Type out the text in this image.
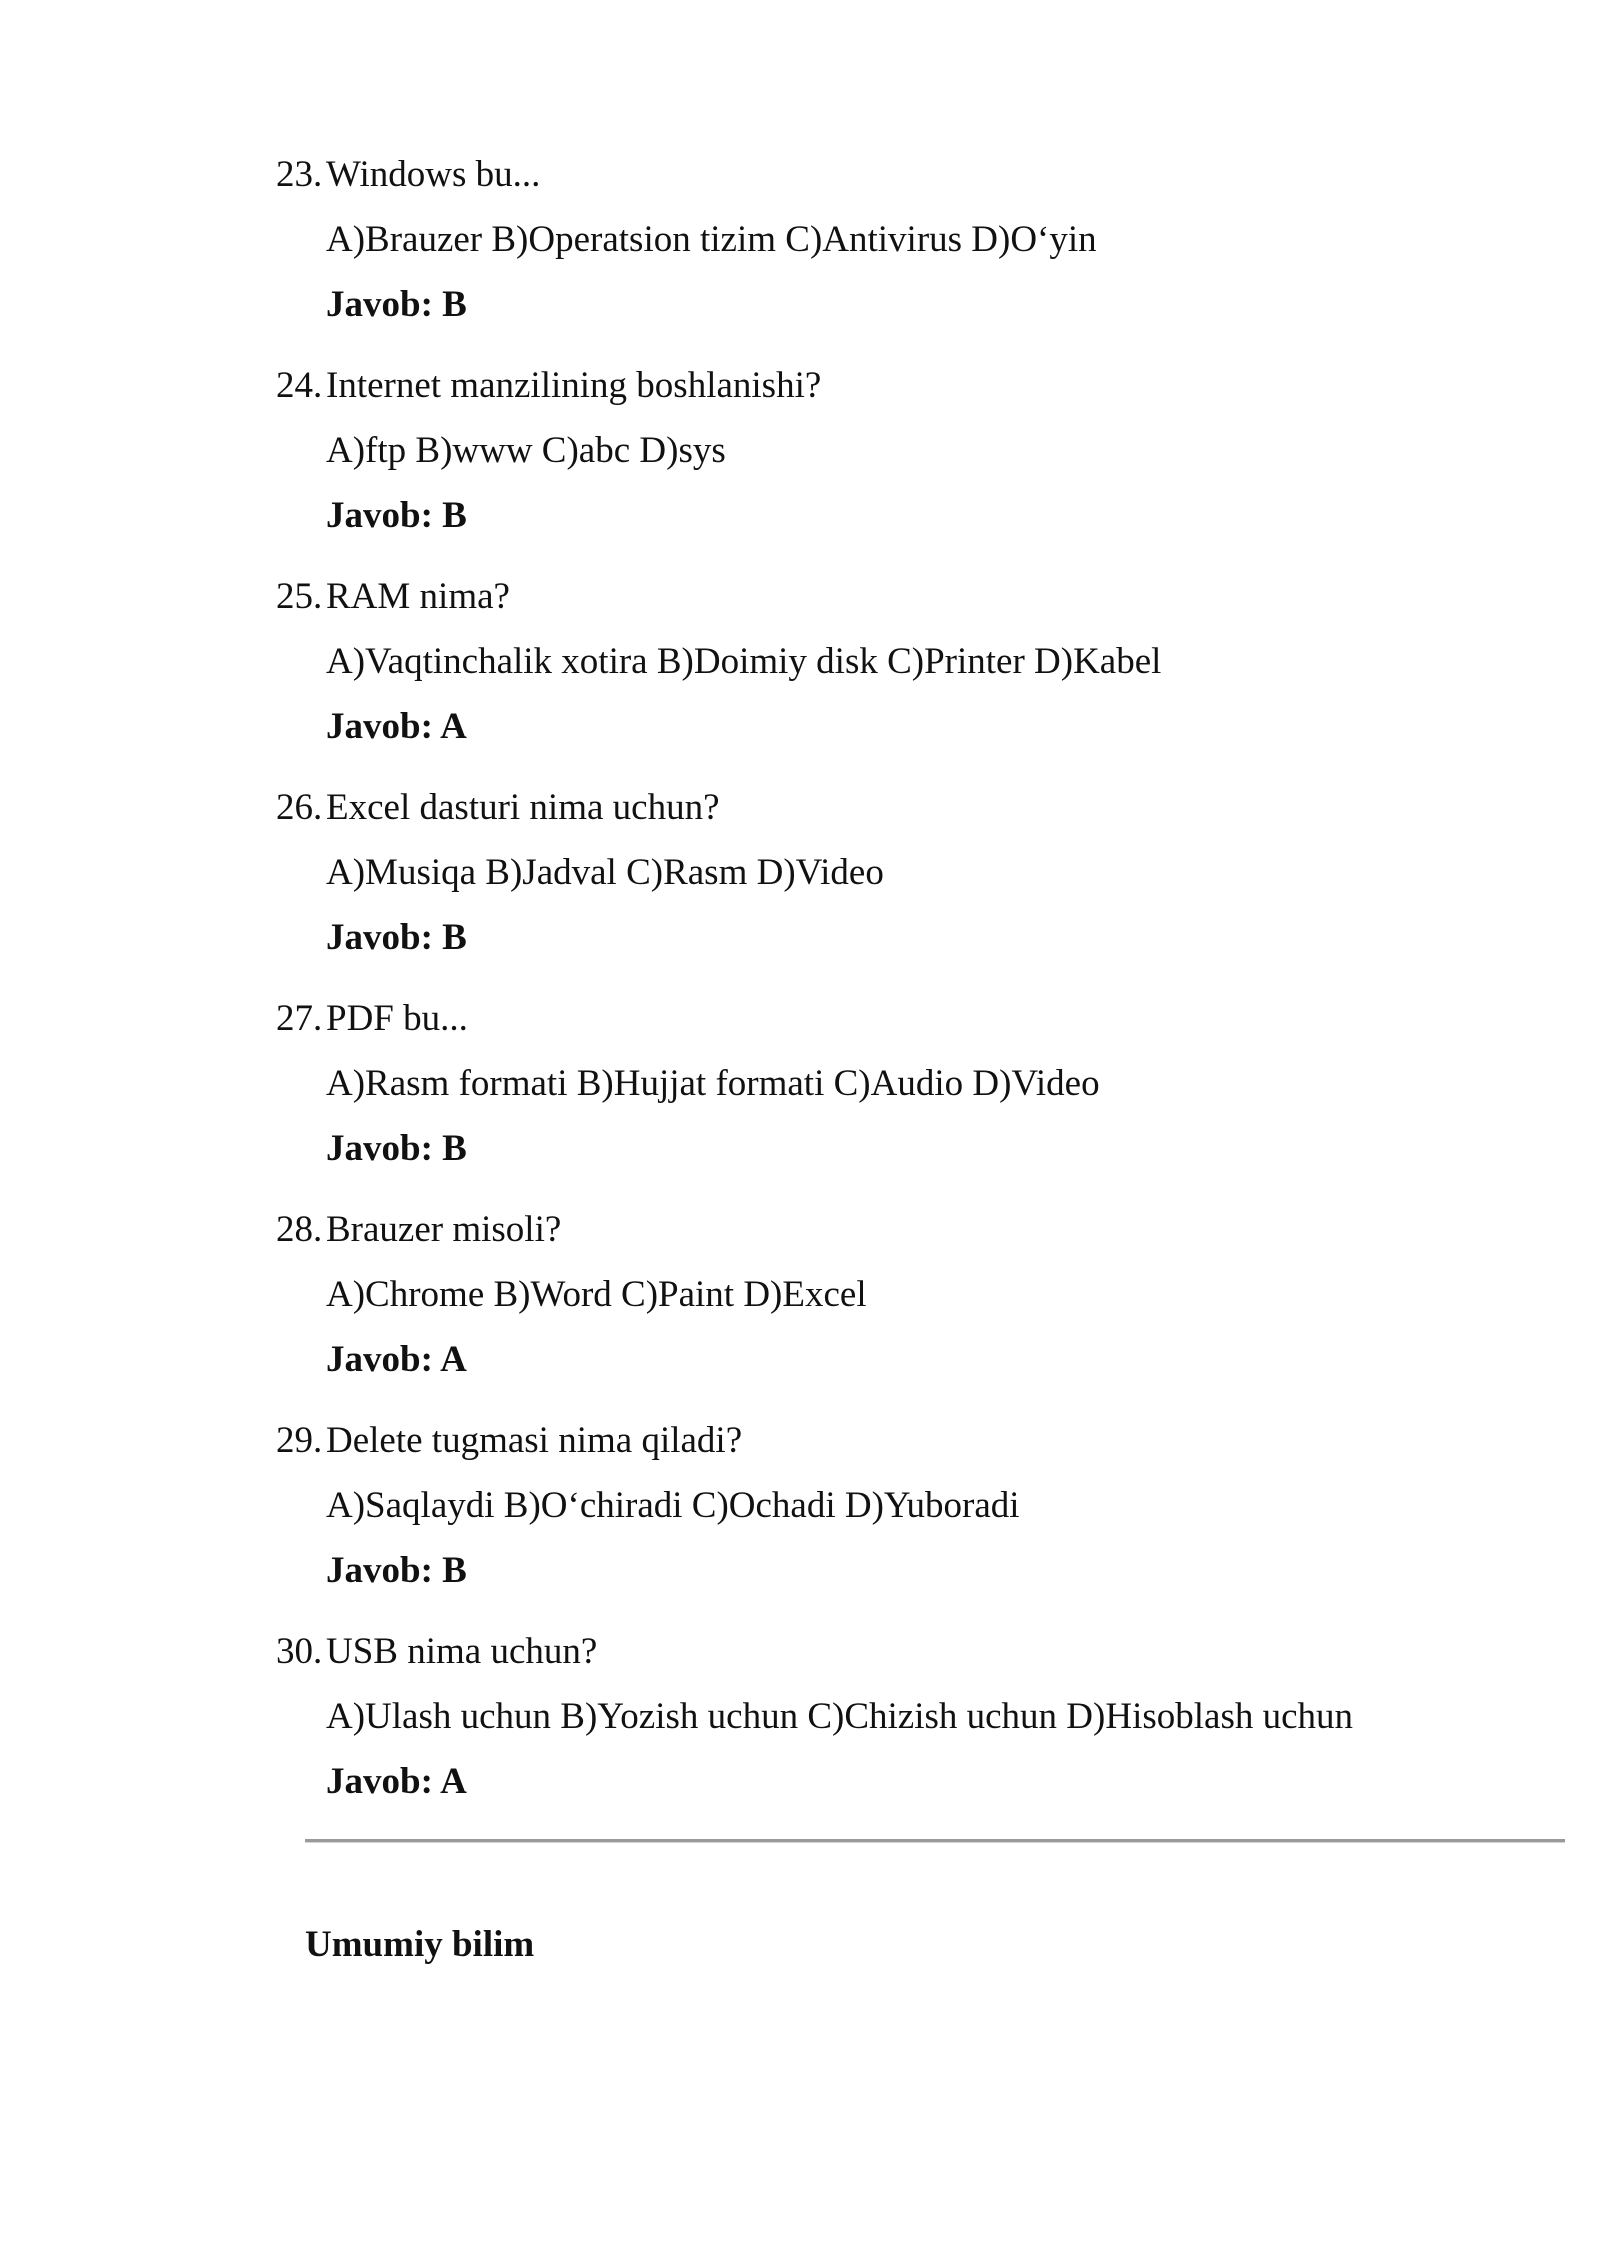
23. Windows bu...
A)Brauzer B)Operatsion tizim C)Antivirus D)O‘yin
Javob: B
24. Internet manzilining boshlanishi?
A)ftp B)www C)abc D)sys
Javob: B
25. RAM nima?
A)Vaqtinchalik xotira B)Doimiy disk C)Printer D)Kabel
Javob: A
26. Excel dasturi nima uchun?
A)Musiqa B)Jadval C)Rasm D)Video
Javob: B
27. PDF bu...
A)Rasm formati B)Hujjat formati C)Audio D)Video
Javob: B
28. Brauzer misoli?
A)Chrome B)Word C)Paint D)Excel
Javob: A
29. Delete tugmasi nima qiladi?
A)Saqlaydi B)O‘chiradi C)Ochadi D)Yuboradi
Javob: B
30. USB nima uchun?
A)Ulash uchun B)Yozish uchun C)Chizish uchun D)Hisoblash uchun
Javob: A
Umumiy bilim
